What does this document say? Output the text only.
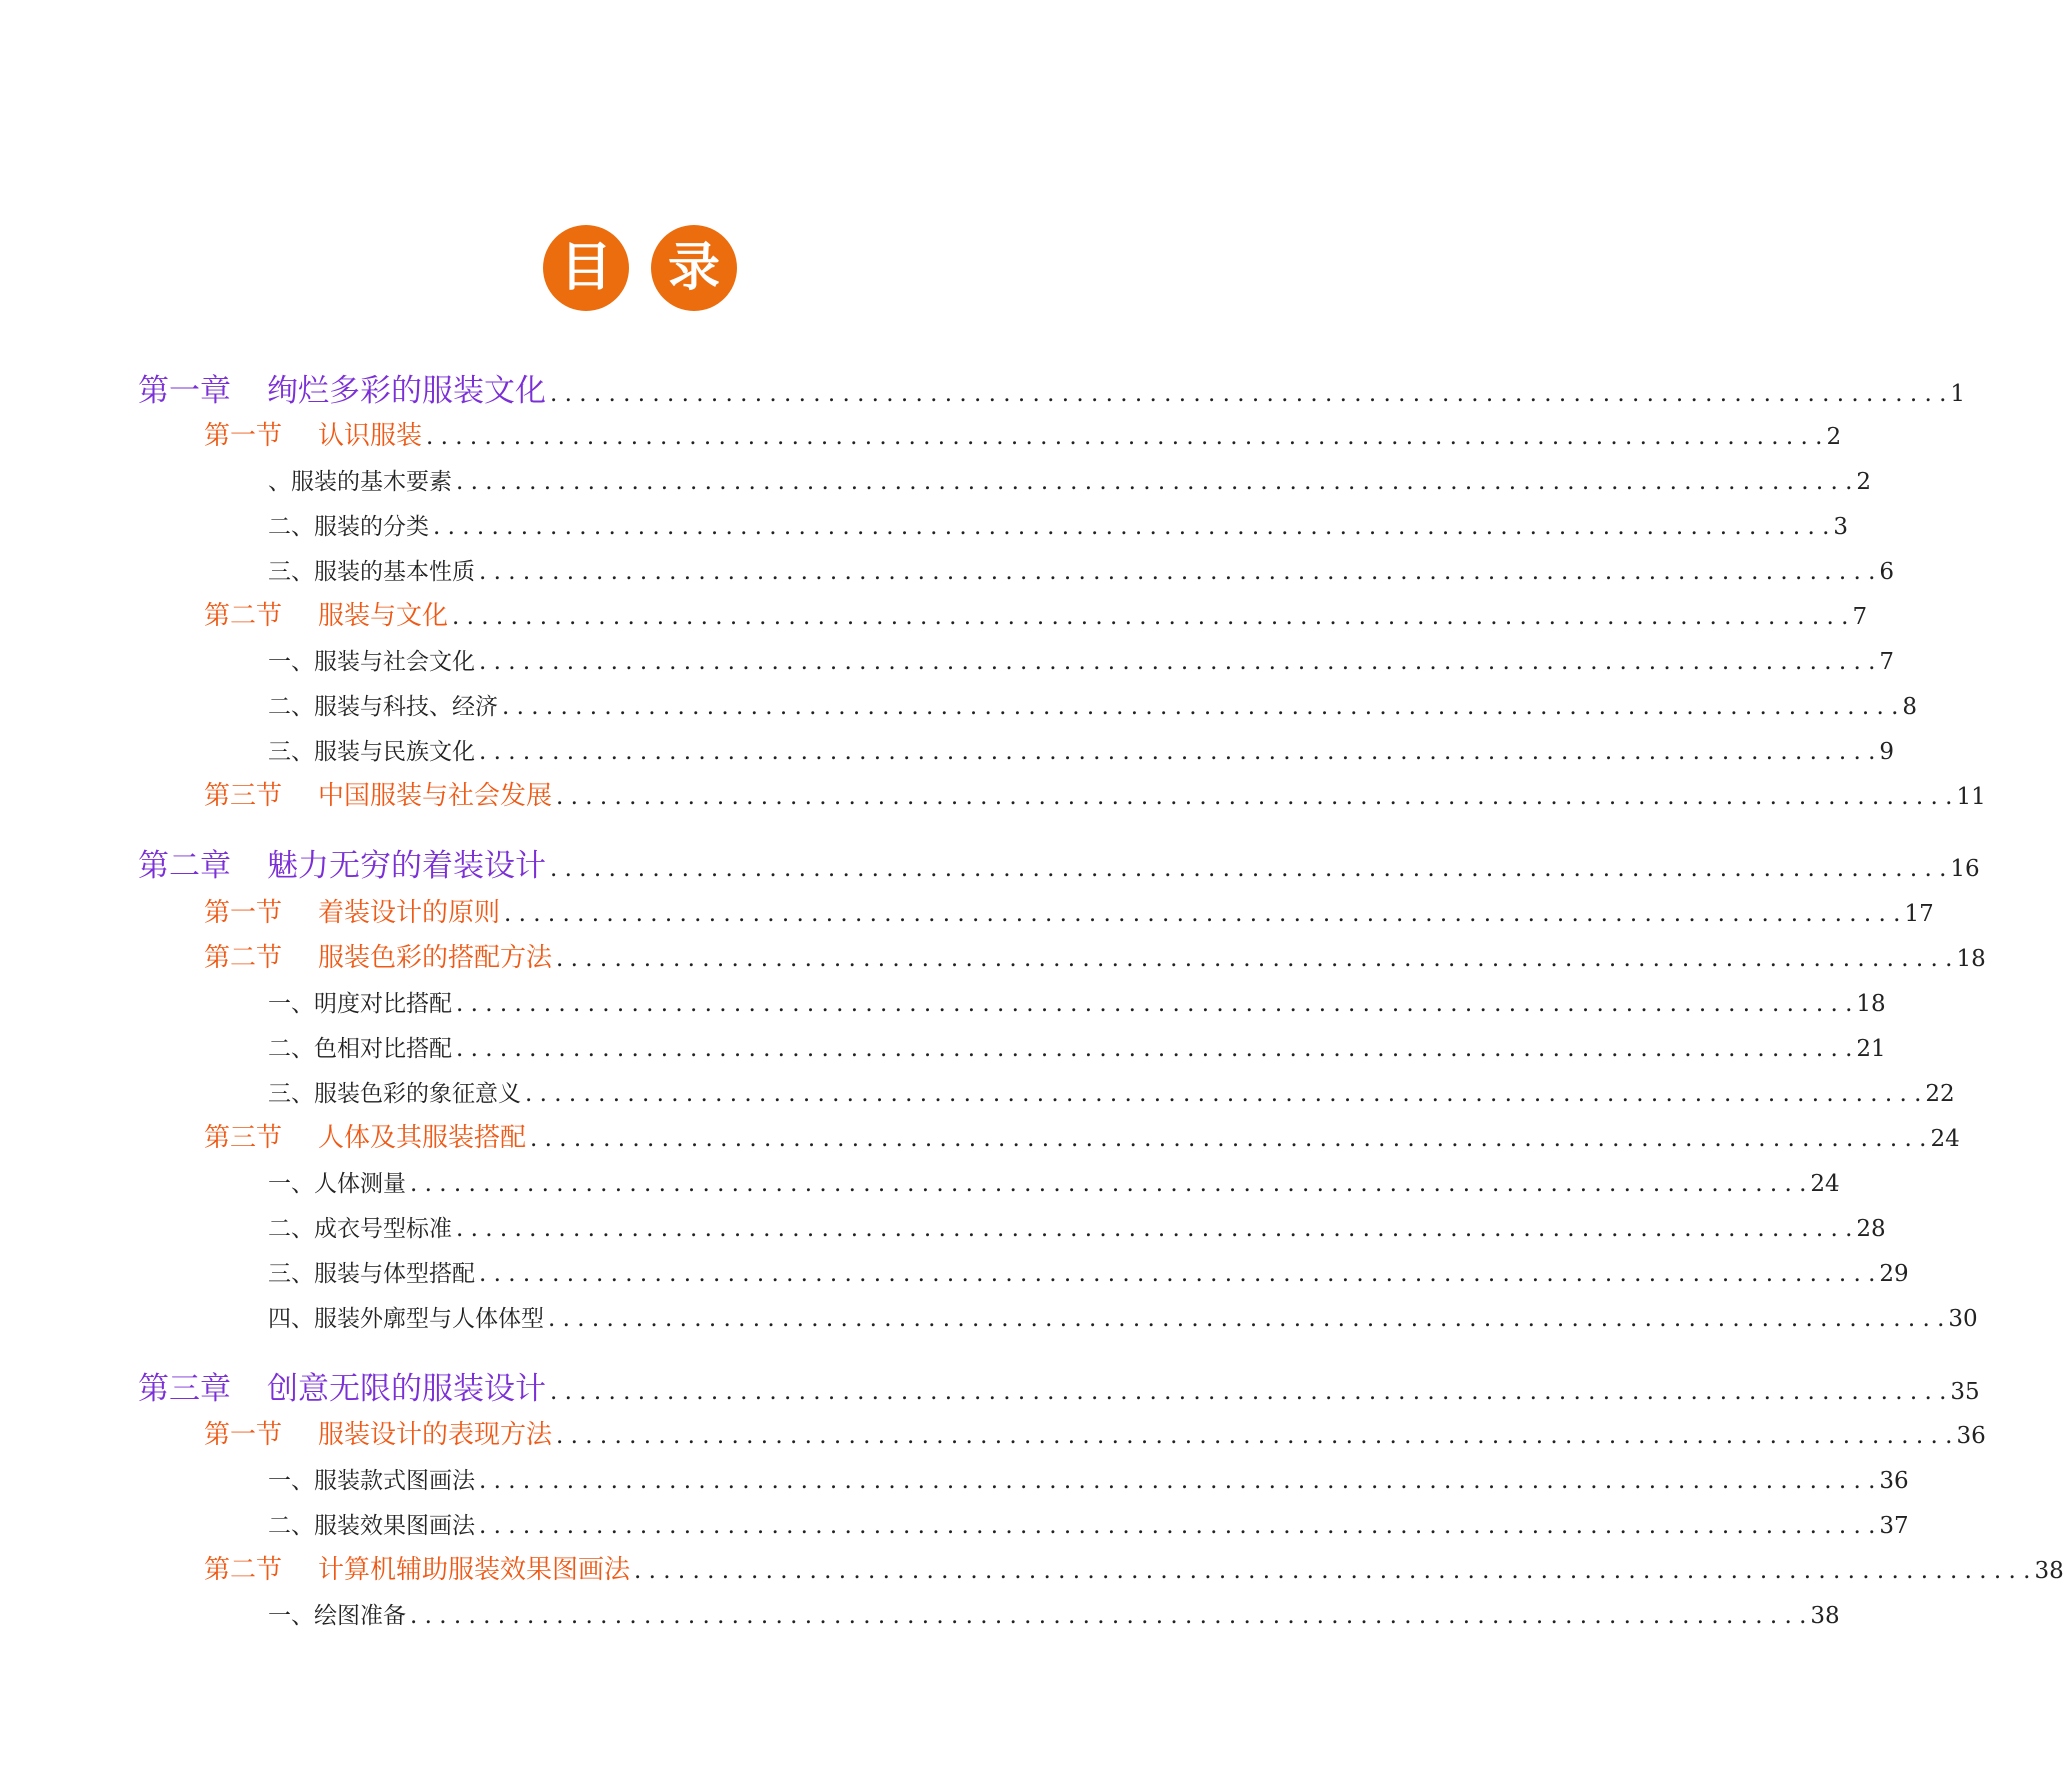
目	录
第一章 绚烂多彩的服装文化 . . .	1
第一节 认识服装 . . .	2
、服装的基木要素 . . .	2
二、服装的分类 . . .	3
三、服装的基本性质 . . .	6
第二节 服装与文化 . . .	7
一、服装与社会文化 . . .	7
二、服装与科技、经济 . . .	8
三、服装与民族文化 . . .	9
第三节 中国服装与社会发展 . . .	11
第二章 魅力无穷的着装设计 . . .	16
第一节 着装设计的原则 . . .	17
第二节 服装色彩的搭配方法 . . .	18
一、明度对比搭配 . . .	18
二、色相对比搭配 . . .	21
三、服装色彩的象征意义 . . .	22
第三节 人体及其服装搭配 . . .	24
一、人体测量 . . .	24
二、成衣号型标准 . . .	28
三、服装与体型搭配 . . .	29
四、服装外廓型与人体体型 . . .	30
第三章 创意无限的服装设计 . . .	35
第一节 服装设计的表现方法 . . .	36
一、服装款式图画法 . . .	36
二、服装效果图画法 . . .	37
第二节 计算机辅助服装效果图画法 . . .	38
一、绘图准备 . . .	38
